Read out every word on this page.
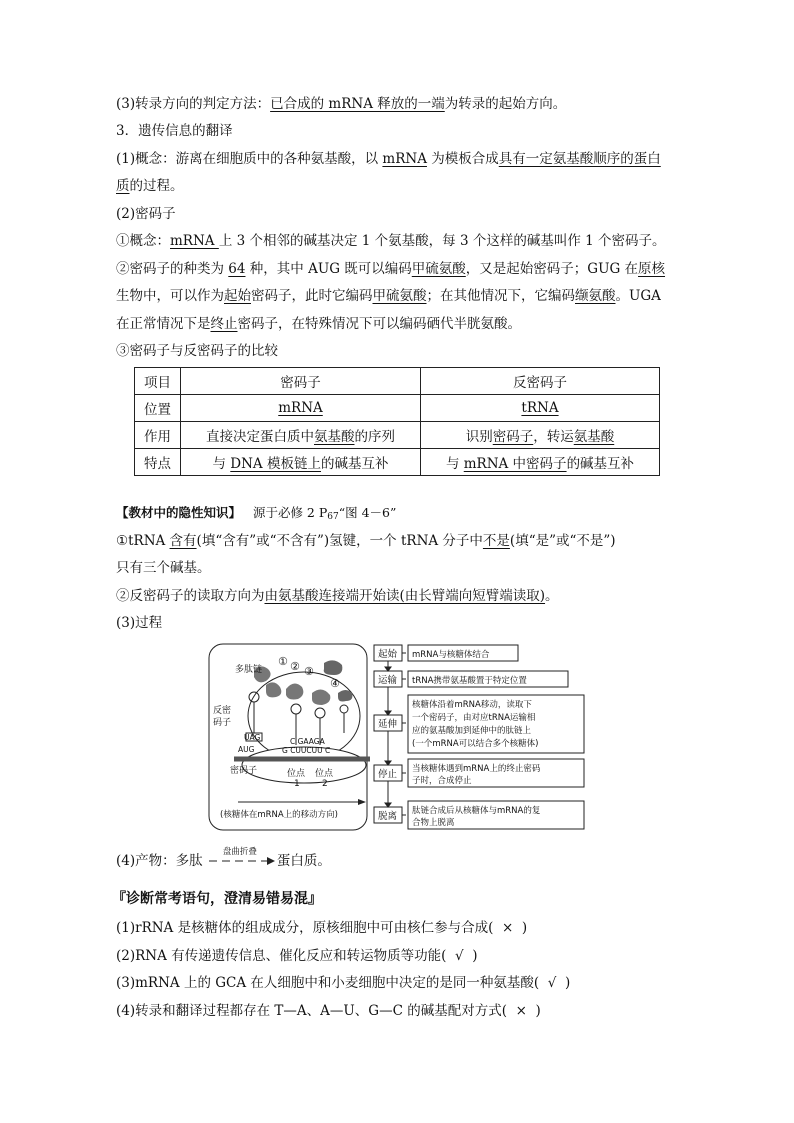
(3)转录方向的判定方法：已合成的 mRNA 释放的一端为转录的起始方向。
3．遗传信息的翻译
(1)概念：游离在细胞质中的各种氨基酸，以 mRNA 为模板合成具有一定氨基酸顺序的蛋白
质的过程。
(2)密码子
①概念：mRNA 上 3 个相邻的碱基决定 1 个氨基酸，每 3 个这样的碱基叫作 1 个密码子。
②密码子的种类为 64 种，其中 AUG 既可以编码甲硫氨酸，又是起始密码子；GUG 在原核
生物中，可以作为起始密码子，此时它编码甲硫氨酸；在其他情况下，它编码缬氨酸。UGA
在正常情况下是终止密码子，在特殊情况下可以编码硒代半胱氨酸。
③密码子与反密码子的比较
项目	密码子	反密码子
位置	mRNA	tRNA
作用	直接决定蛋白质中氨基酸的序列	识别密码子，转运氨基酸
特点	与 DNA 模板链上的碱基互补	与 mRNA 中密码子的碱基互补
【教材中的隐性知识】 源于必修 2 $P_{67}“$图 4－6”
①tRNA 含有(填“含有”或“不含有”)氢键，一个 tRNA 分子中不是(填“是”或“不是”)
只有三个碱基。
②反密码子的读取方向为由氨基酸连接端开始读(由长臂端向短臂端读取)。
(3)过程
多肽链
① ② ③
④
反密
码子
UAG
AUG
C GAAGA
G CUUCUU C
密码子	位点
1
位点
2
(核糖体在mRNA上的移动方向)
起始 mRNA与核糖体结合
运输 tRNA携带氨基酸置于特定位置
延伸
核糖体沿着mRNA移动，读取下
一个密码子，由对应tRNA运输相
应的氨基酸加到延伸中的肽链上
(一个mRNA可以结合多个核糖体)
停止 当核糖体遇到mRNA上的终止密码
子时，合成停止
脱离 肽链合成后从核糖体与mRNA的复
合物上脱离
(4)产物：多肽
盘曲折叠
蛋白质。
『诊断常考语句，澄清易错易混』
(1)rRNA 是核糖体的组成成分，原核细胞中可由核仁参与合成( × )
(2)RNA 有传递遗传信息、催化反应和转运物质等功能( √ )
(3)mRNA 上的 GCA 在人细胞中和小麦细胞中决定的是同一种氨基酸( √ )
(4)转录和翻译过程都存在 T—A、A—U、G—C 的碱基配对方式( × )
